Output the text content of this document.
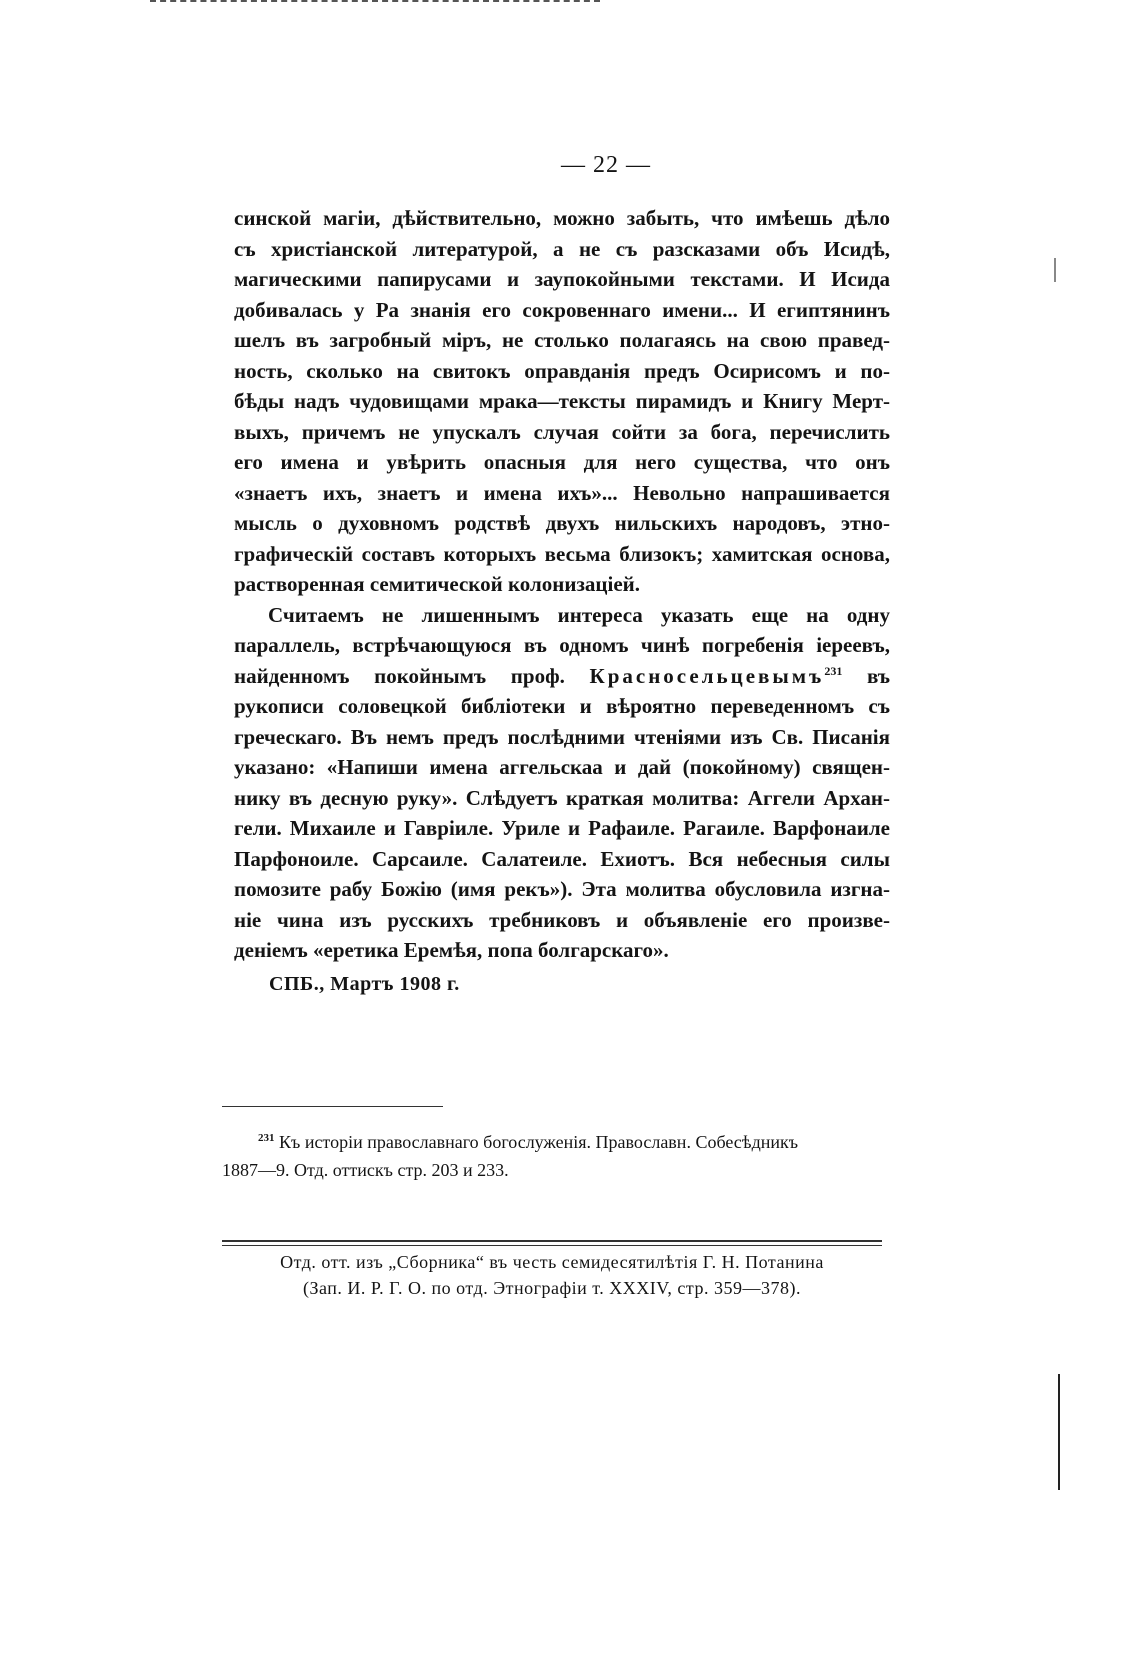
— 22 —
синской магіи, дѣйствительно, можно забыть, что имѣешь дѣло
съ христіанской литературой, а не съ разсказами объ Исидѣ,
магическими папирусами и заупокойными текстами. И Исида
добивалась у Ра знанія его сокровеннаго имени... И египтянинъ
шелъ въ загробный міръ, не столько полагаясь на свою правед-
ность, сколько на свитокъ оправданія предъ Осирисомъ и по-
бѣды надъ чудовищами мрака—тексты пирамидъ и Книгу Мерт-
выхъ, причемъ не упускалъ случая сойти за бога, перечислить
его имена и увѣрить опасныя для него существа, что онъ
«знаетъ ихъ, знаетъ и имена ихъ»... Невольно напрашивается
мысль о духовномъ родствѣ двухъ нильскихъ народовъ, этно-
графическій составъ которыхъ весьма близокъ; хамитская основа,
растворенная семитической колонизаціей.
Считаемъ не лишеннымъ интереса указать еще на одну
параллель, встрѣчающуюся въ одномъ чинѣ погребенія іереевъ,
найденномъ покойнымъ проф. Красносельцевымъ$^{231}$ въ
рукописи соловецкой библіотеки и вѣроятно переведенномъ съ
греческаго. Въ немъ предъ послѣдними чтеніями изъ Св. Писанія
указано: «Напиши имена аггельскаа и дай (покойному) священ-
нику въ десную руку». Слѣдуетъ краткая молитва: Аггели Архан-
гели. Михаиле и Гавріиле. Уриле и Рафаиле. Рагаиле. Варфонаиле
Парфоноиле. Сарсаиле. Салатеиле. Ехиотъ. Вся небесныя силы
помозите рабу Божію (имя рекъ»). Эта молитва обусловила изгна-
ніе чина изъ русскихъ требниковъ и объявленіе его произве-
деніемъ «еретика Еремѣя, попа болгарскаго».
СПБ., Мартъ 1908 г.
$^{231}$ Къ исторіи православнаго богослуженія. Православн. Собесѣдникъ
1887—9. Отд. оттискъ стр. 203 и 233.
Отд. отт. изъ „Сборника“ въ честь семидесятилѣтія Г. Н. Потанина
(Зап. И. Р. Г. О. по отд. Этнографіи т. XXXIV, стр. 359—378).
